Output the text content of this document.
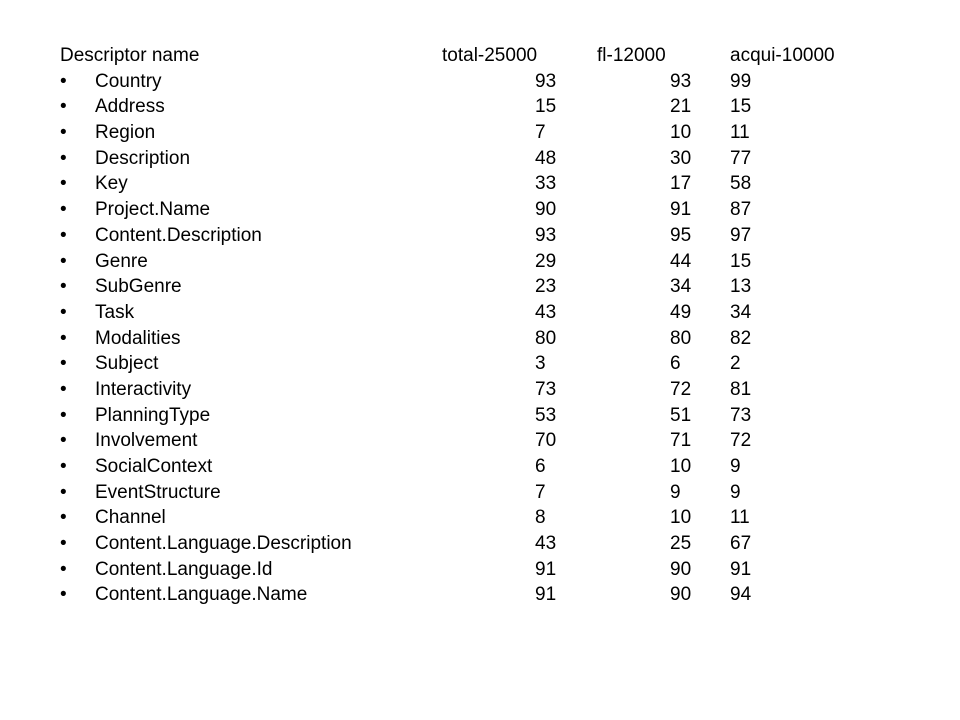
Descriptor name	total-25000	fl-12000	acqui-10000
• Country	93	93 99
• Address	15	21 15
• Region	7	10 11
• Description	48	30 77
• Key	33	17 58
• Project.Name	90	91 87
• Content.Description	93	95 97
• Genre	29	44 15
• SubGenre	23	34 13
• Task	43	49 34
• Modalities	80	80 82
• Subject	3	6	2
• Interactivity	73	72 81
• PlanningType	53	51 73
• Involvement	70	71 72
• SocialContext	6	10 9
• EventStructure	7	9	9
• Channel	8	10 11
• Content.Language.Description	43	25 67
• Content.Language.Id	91	90 91
• Content.Language.Name	91	90 94
